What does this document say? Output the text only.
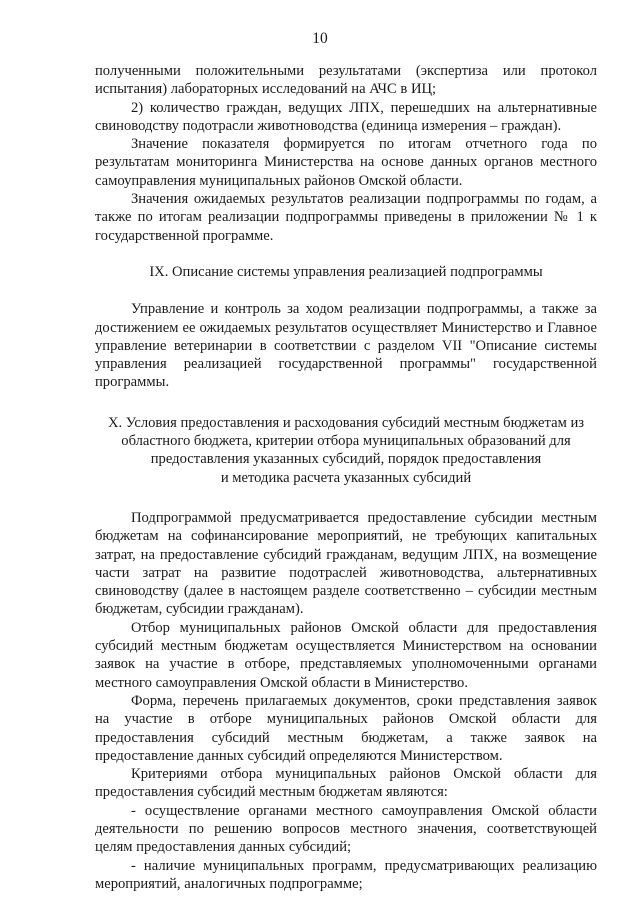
10

полученными положительными результатами (экспертиза или протокол испытания) лабораторных исследований на АЧС в ИЦ;

2) количество граждан, ведущих ЛПХ, перешедших на альтернативные свиноводству подотрасли животноводства (единица измерения – граждан).

Значение показателя формируется по итогам отчетного года по результатам мониторинга Министерства на основе данных органов местного самоуправления муниципальных районов Омской области.

Значения ожидаемых результатов реализации подпрограммы по годам, а также по итогам реализации подпрограммы приведены в приложении № 1 к государственной программе.

IX. Описание системы управления реализацией подпрограммы

Управление и контроль за ходом реализации подпрограммы, а также за достижением ее ожидаемых результатов осуществляет Министерство и Главное управление ветеринарии в соответствии с разделом VII "Описание системы управления реализацией государственной программы" государственной программы.

X. Условия предоставления и расходования субсидий местным бюджетам из
областного бюджета, критерии отбора муниципальных образований для
предоставления указанных субсидий, порядок предоставления
и методика расчета указанных субсидий

Подпрограммой предусматривается предоставление субсидии местным бюджетам на софинансирование мероприятий, не требующих капитальных затрат, на предоставление субсидий гражданам, ведущим ЛПХ, на возмещение части затрат на развитие подотраслей животноводства, альтернативных свиноводству (далее в настоящем разделе соответственно – субсидии местным бюджетам, субсидии гражданам).

Отбор муниципальных районов Омской области для предоставления субсидий местным бюджетам осуществляется Министерством на основании заявок на участие в отборе, представляемых уполномоченными органами местного самоуправления Омской области в Министерство.

Форма, перечень прилагаемых документов, сроки представления заявок на участие в отборе муниципальных районов Омской области для предоставления субсидий местным бюджетам, а также заявок на предоставление данных субсидий определяются Министерством.

Критериями отбора муниципальных районов Омской области для предоставления субсидий местным бюджетам являются:

- осуществление органами местного самоуправления Омской области деятельности по решению вопросов местного значения, соответствующей целям предоставления данных субсидий;

- наличие муниципальных программ, предусматривающих реализацию мероприятий, аналогичных подпрограмме;
